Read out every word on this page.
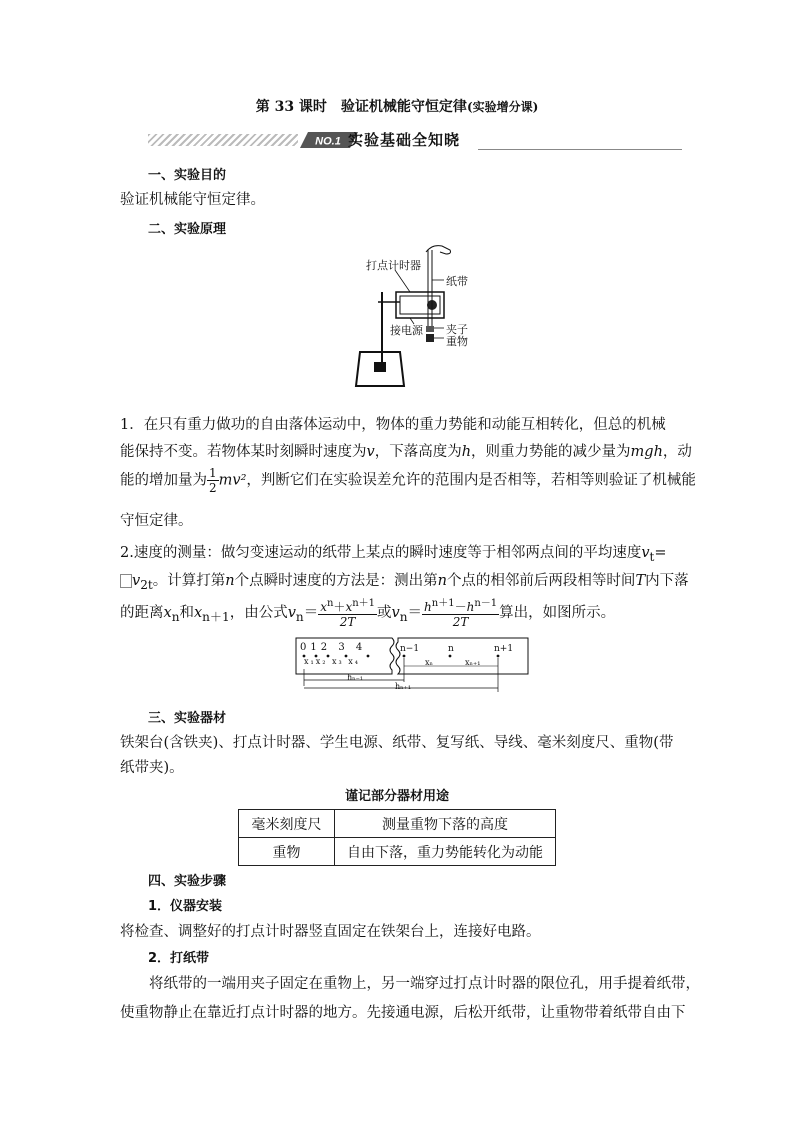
第 33 课时　验证机械能守恒定律(实验增分课)
NO.1 实验基础全知晓
一、实验目的
验证机械能守恒定律。
二、实验原理
打点计时器
纸带
夹子
接电源
重物
1．在只有重力做功的自由落体运动中，物体的重力势能和动能互相转化，但总的机械
能保持不变。若物体某时刻瞬时速度为v，下落高度为h，则重力势能的减少量为mgh，动
能的增加量为 $\frac{1}{2} mv^2$，判断它们在实验误差允许的范围内是否相等，若相等则验证了机械能
守恒定律。
2.速度的测量：做匀变速运动的纸带上某点的瞬时速度等于相邻两点间的平均速度$v_t=$
$v_{2t}$。计算打第n个点瞬时速度的方法是：测出第n个点的相邻前后两段相等时间T内下落
的距离$x_n$和$x_{n+1}$，由公式$v_n= \frac{x^n+x^{n+1}}{2T}$ 或$v_n= \frac{h^{n+1}-h^{n-1}}{2T}$ 算出，如图所示。
012 3 4
x₁x₂ x₃ x₄
n−1	n	n+1
xₙ	xₙ₊₁
hₙ₋₁
hₙ₊₁
三、实验器材
铁架台(含铁夹)、打点计时器、学生电源、纸带、复写纸、导线、毫米刻度尺、重物(带
纸带夹)。
谨记部分器材用途
毫米刻度尺	测量重物下落的高度
重物	自由下落，重力势能转化为动能
四、实验步骤
1．仪器安装
将检查、调整好的打点计时器竖直固定在铁架台上，连接好电路。
2．打纸带
将纸带的一端用夹子固定在重物上，另一端穿过打点计时器的限位孔，用手提着纸带，
使重物静止在靠近打点计时器的地方。先接通电源，后松开纸带，让重物带着纸带自由下
